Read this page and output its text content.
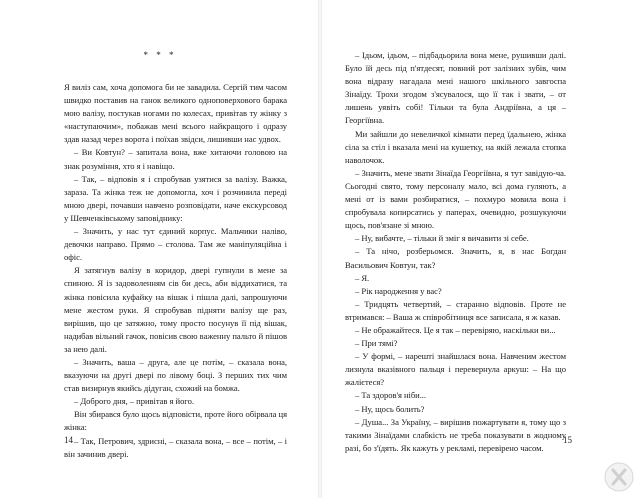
* * *

Я виліз сам, хоча допомога би не завадила. Сергій тим часом швидко поставив на ганок великого одноповерхового барака мою валізу, постукав ногами по колесах, привітав ту жінку з «наступаючим», побажав мені всього найкращого і одразу здав назад через ворота і поїхав звідси, лишивши нас удвох.

– Ви Ковтун? – запитала вона, вже хитаючи головою на знак розуміння, хто я і навіщо.

– Так, – відповів я і спробував узятися за валізу. Важка, зараза. Та жінка теж не допомогла, хоч і розчинила переді мною двері, почавши навчено розповідати, наче екскурсовод у Шевченківському заповіднику:

– Значить, у нас тут єдиний корпус. Мальчики наліво, девочки направо. Прямо – столова. Там же маніпуляційна і офіс.

Я затягнув валізу в коридор, двері гупнули в мене за спиною. Я із задоволенням сів би десь, аби віддихатися, та жінка повісила куфайку на вішак і пішла далі, запрошуючи мене жестом руки. Я спробував підняти валізу ще раз, вирішив, що це затяжно, тому просто посунув її під вішак, надибав вільний гачок, повісив свою важенну пальто й пішов за нею далі.

– Значить, ваша – друга, але це потім, – сказала вона, вказуючи на другі двері по лівому боці. З перших тих чим став визирнув якийсь дідуган, схожий на бомжа.

– Доброго дня, – привітав я його.

Він збирався було щось відповісти, проте його обірвала ця жінка:

– Так, Петрович, здрисні, – сказала вона, – все – потім, – і він зачинив двері.

14

– Ідьом, ідьом, – підбадьорила вона мене, рушивши далі. Було їй десь під п'ятдесят, повний рот залізних зубів, чим вона відразу нагадала мені нашого шкільного завгоспа Зінаїду. Трохи згодом з'ясувалося, що її так і звати, – от лишень уявіть собі! Тільки та була Андріївна, а ця – Георгіївна.

Ми зайшли до невеличкої кімнати перед їдальнею, жінка сіла за стіл і вказала мені на кушетку, на якій лежала стопка наволочок.

– Значить, мене звати Зінаїда Георгіївна, я тут завідую-ча. Сьогодні свято, тому персоналу мало, всі дома гуляють, а мені от із вами розбиратися, – похмуро мовила вона і спробувала копирсатись у паперах, очевидно, розшукуючи щось, пов'язане зі мною.

– Ну, вибачте, – тільки й зміг я вичавити зі себе.

– Та нічо, розберьомся. Значить, я, в нас Богдан Васильович Ковтун, так?

– Я.

– Рік народження у вас?

– Тридцять четвертий, – старанно відповів. Проте не втримався: – Ваша ж співробітниця все записала, я ж казав.

– Не ображайтеся. Це я так – перевіряю, наскільки ви...

– При тямі?

– У формі, – нарешті знайшлася вона. Навченим жестом лизнула вказівного пальця і перевернула аркуш: – На що жалієтеся?

– Та здоров'я ніби...

– Ну, щось болить?

– Душа... За Україну, – вирішив пожартувати я, тому що з такими Зінаїдами слабкість не треба показувати в жодному разі, бо з'їдять. Як кажуть у рекламі, перевірено часом.

15
